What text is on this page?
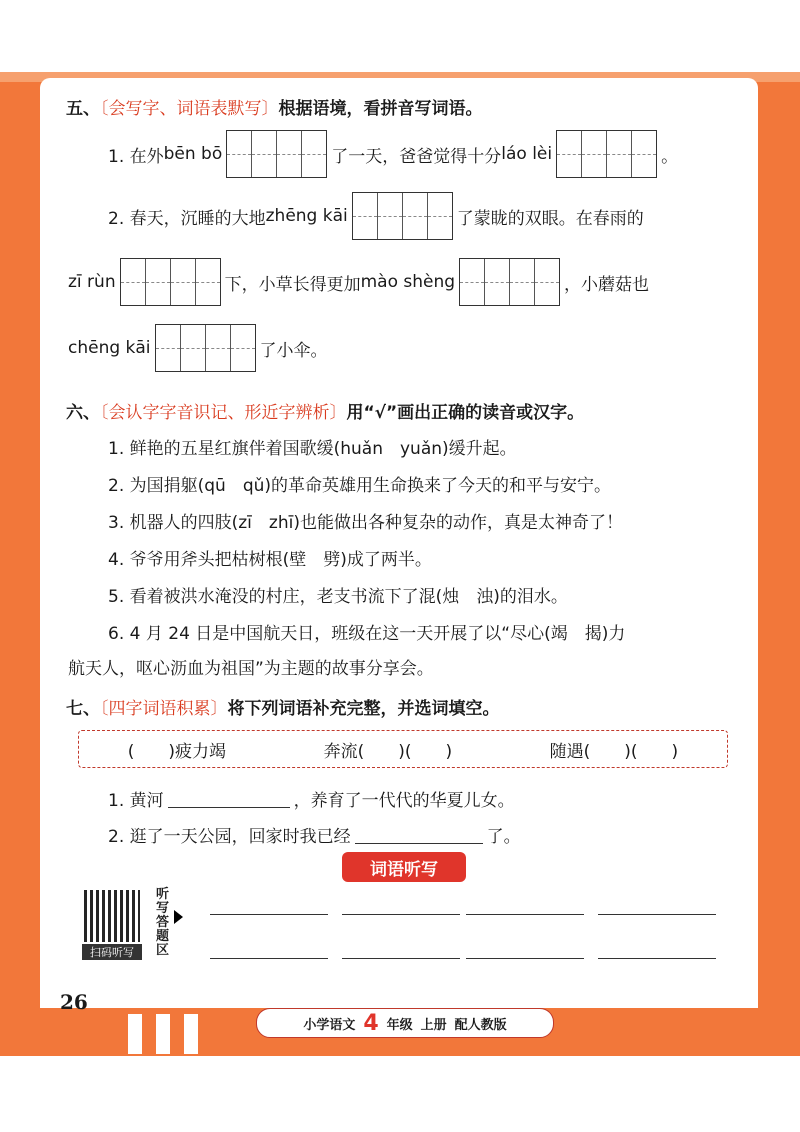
五、〔会写字、词语表默写〕根据语境，看拼音写词语。
1. 在外 bēn bō	了一天，爸爸觉得十分 láo lèi	。
2. 春天，沉睡的大地 zhēng kāi	了蒙眬的双眼。在春雨的
zī rùn	下，小草长得更加 mào shèng	，小蘑菇也
chēng kāi	了小伞。
六、〔会认字字音识记、形近字辨析〕用“√”画出正确的读音或汉字。
1. 鲜艳的五星红旗伴着国歌缓(huǎn　yuǎn)缓升起。
2. 为国捐躯(qū　qǔ)的革命英雄用生命换来了今天的和平与安宁。
3. 机器人的四肢(zī　zhī)也能做出各种复杂的动作，真是太神奇了！
4. 爷爷用斧头把枯树根(壁　劈)成了两半。
5. 看着被洪水淹没的村庄，老支书流下了混(烛　浊)的泪水。
6. 4 月 24 日是中国航天日，班级在这一天开展了以“尽心(竭　揭)力
航天人，呕心沥血为祖国”为主题的故事分享会。
七、〔四字词语积累〕将下列词语补充完整，并选词填空。
(　　)疲力竭	奔流(　　)(　　)	随遇(　　)(　　)
1. 黄河	，养育了一代代的华夏儿女。
2. 逛了一天公园，回家时我已经	了。
词语听写
扫码听写
听写答题区
26
小学语文 4 年级 上册 配人教版
